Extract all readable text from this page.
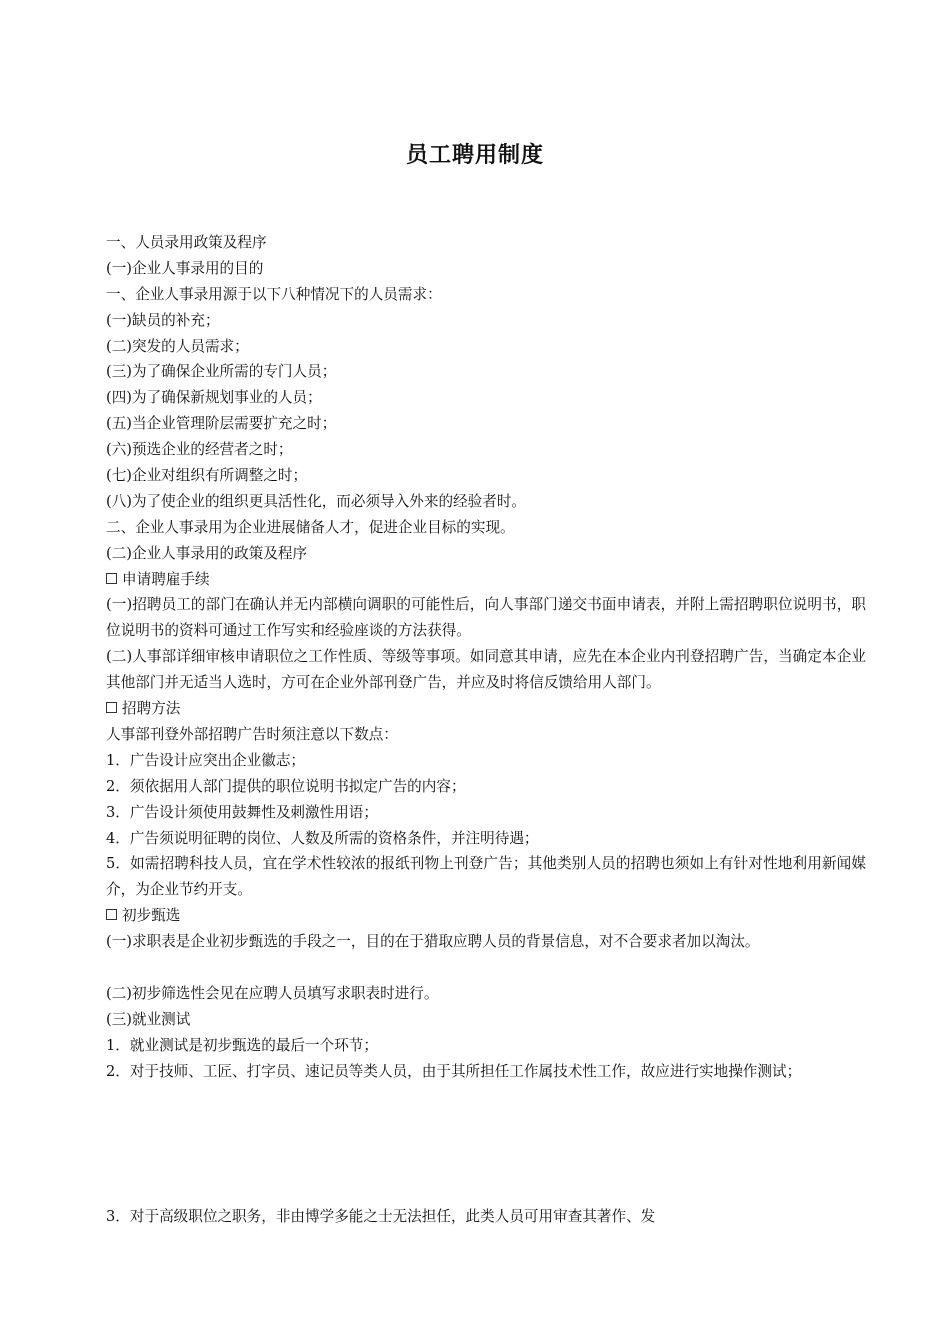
员工聘用制度
一、人员录用政策及程序
(一)企业人事录用的目的
一、企业人事录用源于以下八种情况下的人员需求：
(一)缺员的补充；
(二)突发的人员需求；
(三)为了确保企业所需的专门人员；
(四)为了确保新规划事业的人员；
(五)当企业管理阶层需要扩充之时；
(六)预选企业的经营者之时；
(七)企业对组织有所调整之时；
(八)为了使企业的组织更具活性化，而必须导入外来的经验者时。
二、企业人事录用为企业进展储备人才，促进企业目标的实现。
(二)企业人事录用的政策及程序
申请聘雇手续
(一)招聘员工的部门在确认并无内部横向调职的可能性后，向人事部门递交书面申请表，并附上需招聘职位说明书，职位说明书的资料可通过工作写实和经验座谈的方法获得。
(二)人事部详细审核申请职位之工作性质、等级等事项。如同意其申请，应先在本企业内刊登招聘广告，当确定本企业其他部门并无适当人选时，方可在企业外部刊登广告，并应及时将信反馈给用人部门。
招聘方法
人事部刊登外部招聘广告时须注意以下数点：
1．广告设计应突出企业徽志；
2．须依据用人部门提供的职位说明书拟定广告的内容；
3．广告设计须使用鼓舞性及刺激性用语；
4．广告须说明征聘的岗位、人数及所需的资格条件，并注明待遇；
5．如需招聘科技人员，宜在学术性较浓的报纸刊物上刊登广告；其他类别人员的招聘也须如上有针对性地利用新闻媒介，为企业节约开支。
初步甄选
(一)求职表是企业初步甄选的手段之一，目的在于猎取应聘人员的背景信息，对不合要求者加以淘汰。
(二)初步筛选性会见在应聘人员填写求职表时进行。
(三)就业测试
1．就业测试是初步甄选的最后一个环节；
2．对于技师、工匠、打字员、速记员等类人员，由于其所担任工作属技术性工作，故应进行实地操作测试；
3．对于高级职位之职务，非由博学多能之士无法担任，此类人员可用审查其著作、发
